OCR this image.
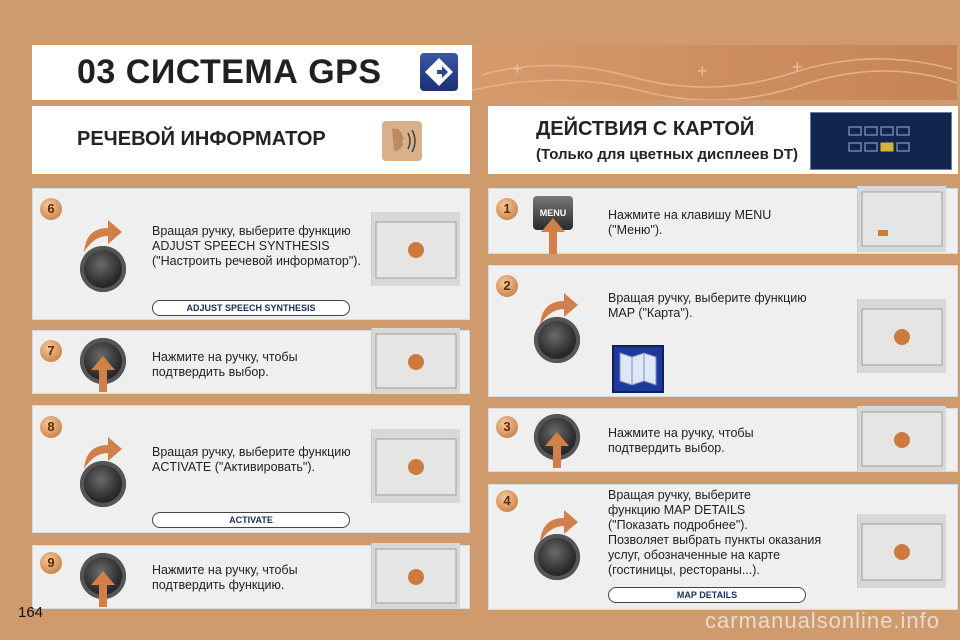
03 СИСТЕМА GPS	+	+	+
РЕЧЕВОЙ ИНФОРМАТОР	ДЕЙСТВИЯ С КАРТОЙ
(Только для цветных дисплеев DT)
Вращая ручку, выберите функцию
ADJUST SPEECH SYNTHESIS
("Настроить речевой информатор").
ADJUST SPEECH SYNTHESIS
6
Нажмите на ручку, чтобы
подтвердить выбор.
7
Вращая ручку, выберите функцию
ACTIVATE ("Активировать").
ACTIVATE
8
Нажмите на ручку, чтобы
подтвердить функцию.
9
MENU	Нажмите на клавишу MENU
("Меню").
1
Вращая ручку, выберите функцию
MAP ("Карта").
2
Нажмите на ручку, чтобы
подтвердить выбор.
3
Вращая ручку, выберите
функцию MAP DETAILS
("Показать подробнее").
Позволяет выбрать пункты оказания
услуг, обозначенные на карте
(гостиницы, рестораны...).
MAP DETAILS
4
164	carmanualsonline.info
